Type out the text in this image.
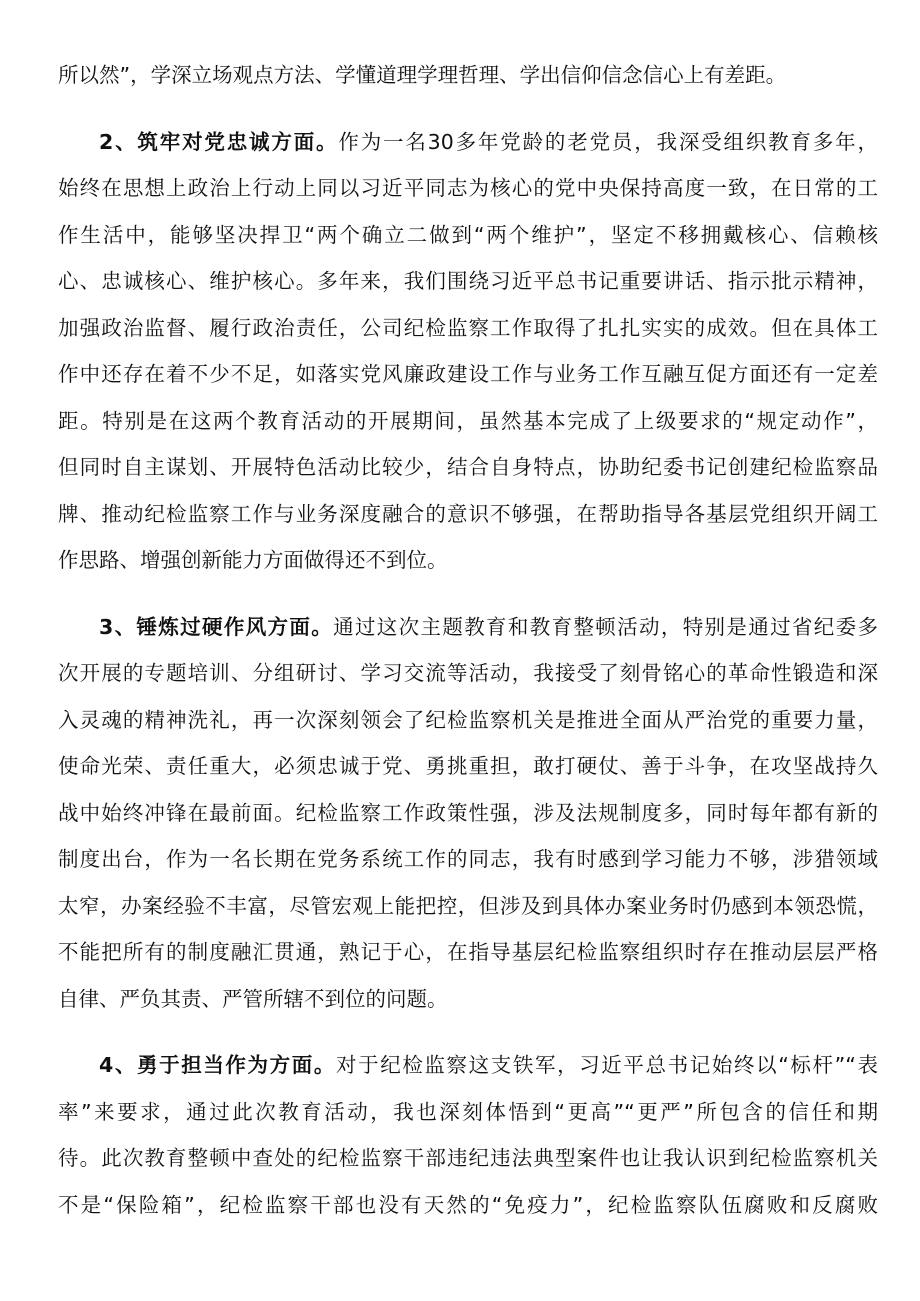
所以然”，学深立场观点方法、学懂道理学理哲理、学出信仰信念信心上有差距。
2、筑牢对党忠诚方面。作为一名30多年党龄的老党员，我深受组织教育多年，
始终在思想上政治上行动上同以习近平同志为核心的党中央保持高度一致，在日常的工
作生活中，能够坚决捍卫“两个确立二做到“两个维护”，坚定不移拥戴核心、信赖核
心、忠诚核心、维护核心。多年来，我们围绕习近平总书记重要讲话、指示批示精神，
加强政治监督、履行政治责任，公司纪检监察工作取得了扎扎实实的成效。但在具体工
作中还存在着不少不足，如落实党风廉政建设工作与业务工作互融互促方面还有一定差
距。特别是在这两个教育活动的开展期间，虽然基本完成了上级要求的“规定动作”，
但同时自主谋划、开展特色活动比较少，结合自身特点，协助纪委书记创建纪检监察品
牌、推动纪检监察工作与业务深度融合的意识不够强，在帮助指导各基层党组织开阔工
作思路、增强创新能力方面做得还不到位。
3、锤炼过硬作风方面。通过这次主题教育和教育整顿活动，特别是通过省纪委多
次开展的专题培训、分组研讨、学习交流等活动，我接受了刻骨铭心的革命性锻造和深
入灵魂的精神洗礼，再一次深刻领会了纪检监察机关是推进全面从严治党的重要力量，
使命光荣、责任重大，必须忠诚于党、勇挑重担，敢打硬仗、善于斗争，在攻坚战持久
战中始终冲锋在最前面。纪检监察工作政策性强，涉及法规制度多，同时每年都有新的
制度出台，作为一名长期在党务系统工作的同志，我有时感到学习能力不够，涉猎领域
太窄，办案经验不丰富，尽管宏观上能把控，但涉及到具体办案业务时仍感到本领恐慌，
不能把所有的制度融汇贯通，熟记于心，在指导基层纪检监察组织时存在推动层层严格
自律、严负其责、严管所辖不到位的问题。
4、勇于担当作为方面。对于纪检监察这支铁军，习近平总书记始终以“标杆”“表
率”来要求，通过此次教育活动，我也深刻体悟到“更高”“更严”所包含的信任和期
待。此次教育整顿中查处的纪检监察干部违纪违法典型案件也让我认识到纪检监察机关
不是“保险箱”，纪检监察干部也没有天然的“免疫力”，纪检监察队伍腐败和反腐败
